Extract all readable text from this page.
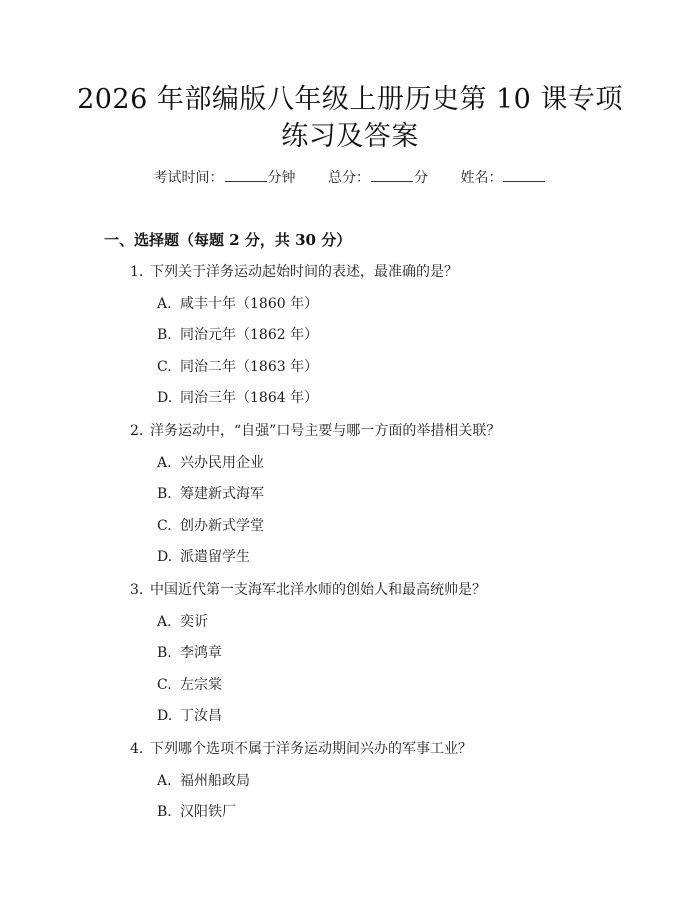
2026 年部编版八年级上册历史第 10 课专项
练习及答案
考试时间：	分钟 总分：	分 姓名：
一、选择题（每题 2 分，共 30 分）
1. 下列关于洋务运动起始时间的表述，最准确的是？
A. 咸丰十年（1860 年）
B. 同治元年（1862 年）
C. 同治二年（1863 年）
D. 同治三年（1864 年）
2. 洋务运动中，“自强”口号主要与哪一方面的举措相关联？
A. 兴办民用企业
B. 筹建新式海军
C. 创办新式学堂
D. 派遣留学生
3. 中国近代第一支海军北洋水师的创始人和最高统帅是？
A. 奕䜣
B. 李鸿章
C. 左宗棠
D. 丁汝昌
4. 下列哪个选项不属于洋务运动期间兴办的军事工业？
A. 福州船政局
B. 汉阳铁厂
